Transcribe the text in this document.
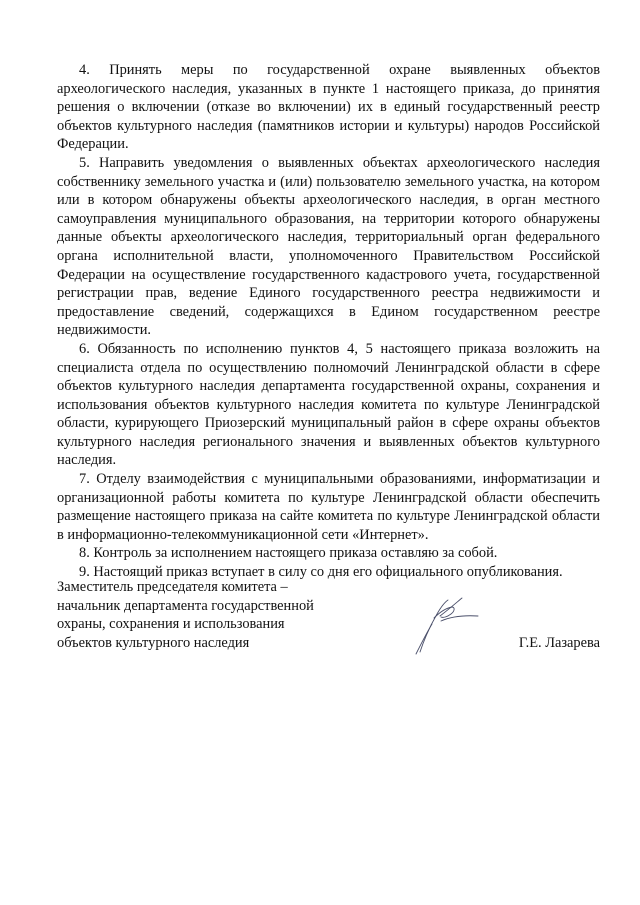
4. Принять меры по государственной охране выявленных объектов археологического наследия, указанных в пункте 1 настоящего приказа, до принятия решения о включении (отказе во включении) их в единый государственный реестр объектов культурного наследия (памятников истории и культуры) народов Российской Федерации.

5. Направить уведомления о выявленных объектах археологического наследия собственнику земельного участка и (или) пользователю земельного участка, на котором или в котором обнаружены объекты археологического наследия, в орган местного самоуправления муниципального образования, на территории которого обнаружены данные объекты археологического наследия, территориальный орган федерального органа исполнительной власти, уполномоченного Правительством Российской Федерации на осуществление государственного кадастрового учета, государственной регистрации прав, ведение Единого государственного реестра недвижимости и предоставление сведений, содержащихся в Едином государственном реестре недвижимости.

6. Обязанность по исполнению пунктов 4, 5 настоящего приказа возложить на специалиста отдела по осуществлению полномочий Ленинградской области в сфере объектов культурного наследия департамента государственной охраны, сохранения и использования объектов культурного наследия комитета по культуре Ленинградской области, курирующего Приозерский муниципальный район в сфере охраны объектов культурного наследия регионального значения и выявленных объектов культурного наследия.

7. Отделу взаимодействия с муниципальными образованиями, информатизации и организационной работы комитета по культуре Ленинградской области обеспечить размещение настоящего приказа на сайте комитета по культуре Ленинградской области в информационно-телекоммуникационной сети «Интернет».

8. Контроль за исполнением настоящего приказа оставляю за собой.

9. Настоящий приказ вступает в силу со дня его официального опубликования.

Заместитель председателя комитета –
начальник департамента государственной
охраны, сохранения и использования
объектов культурного наследия	Г.Е. Лазарева
